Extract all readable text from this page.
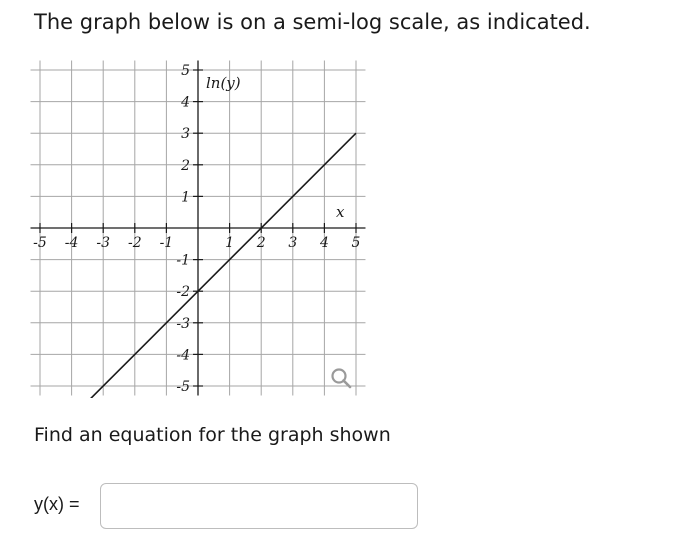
The graph below is on a semi-log scale, as indicated.
-5 -4 -3 -2 -1	1 2 3 4 5
5
4
3
2
1
-1
-2
-3
-4
-5
ln(y)
x

Find an equation for the graph shown

y(x) =
